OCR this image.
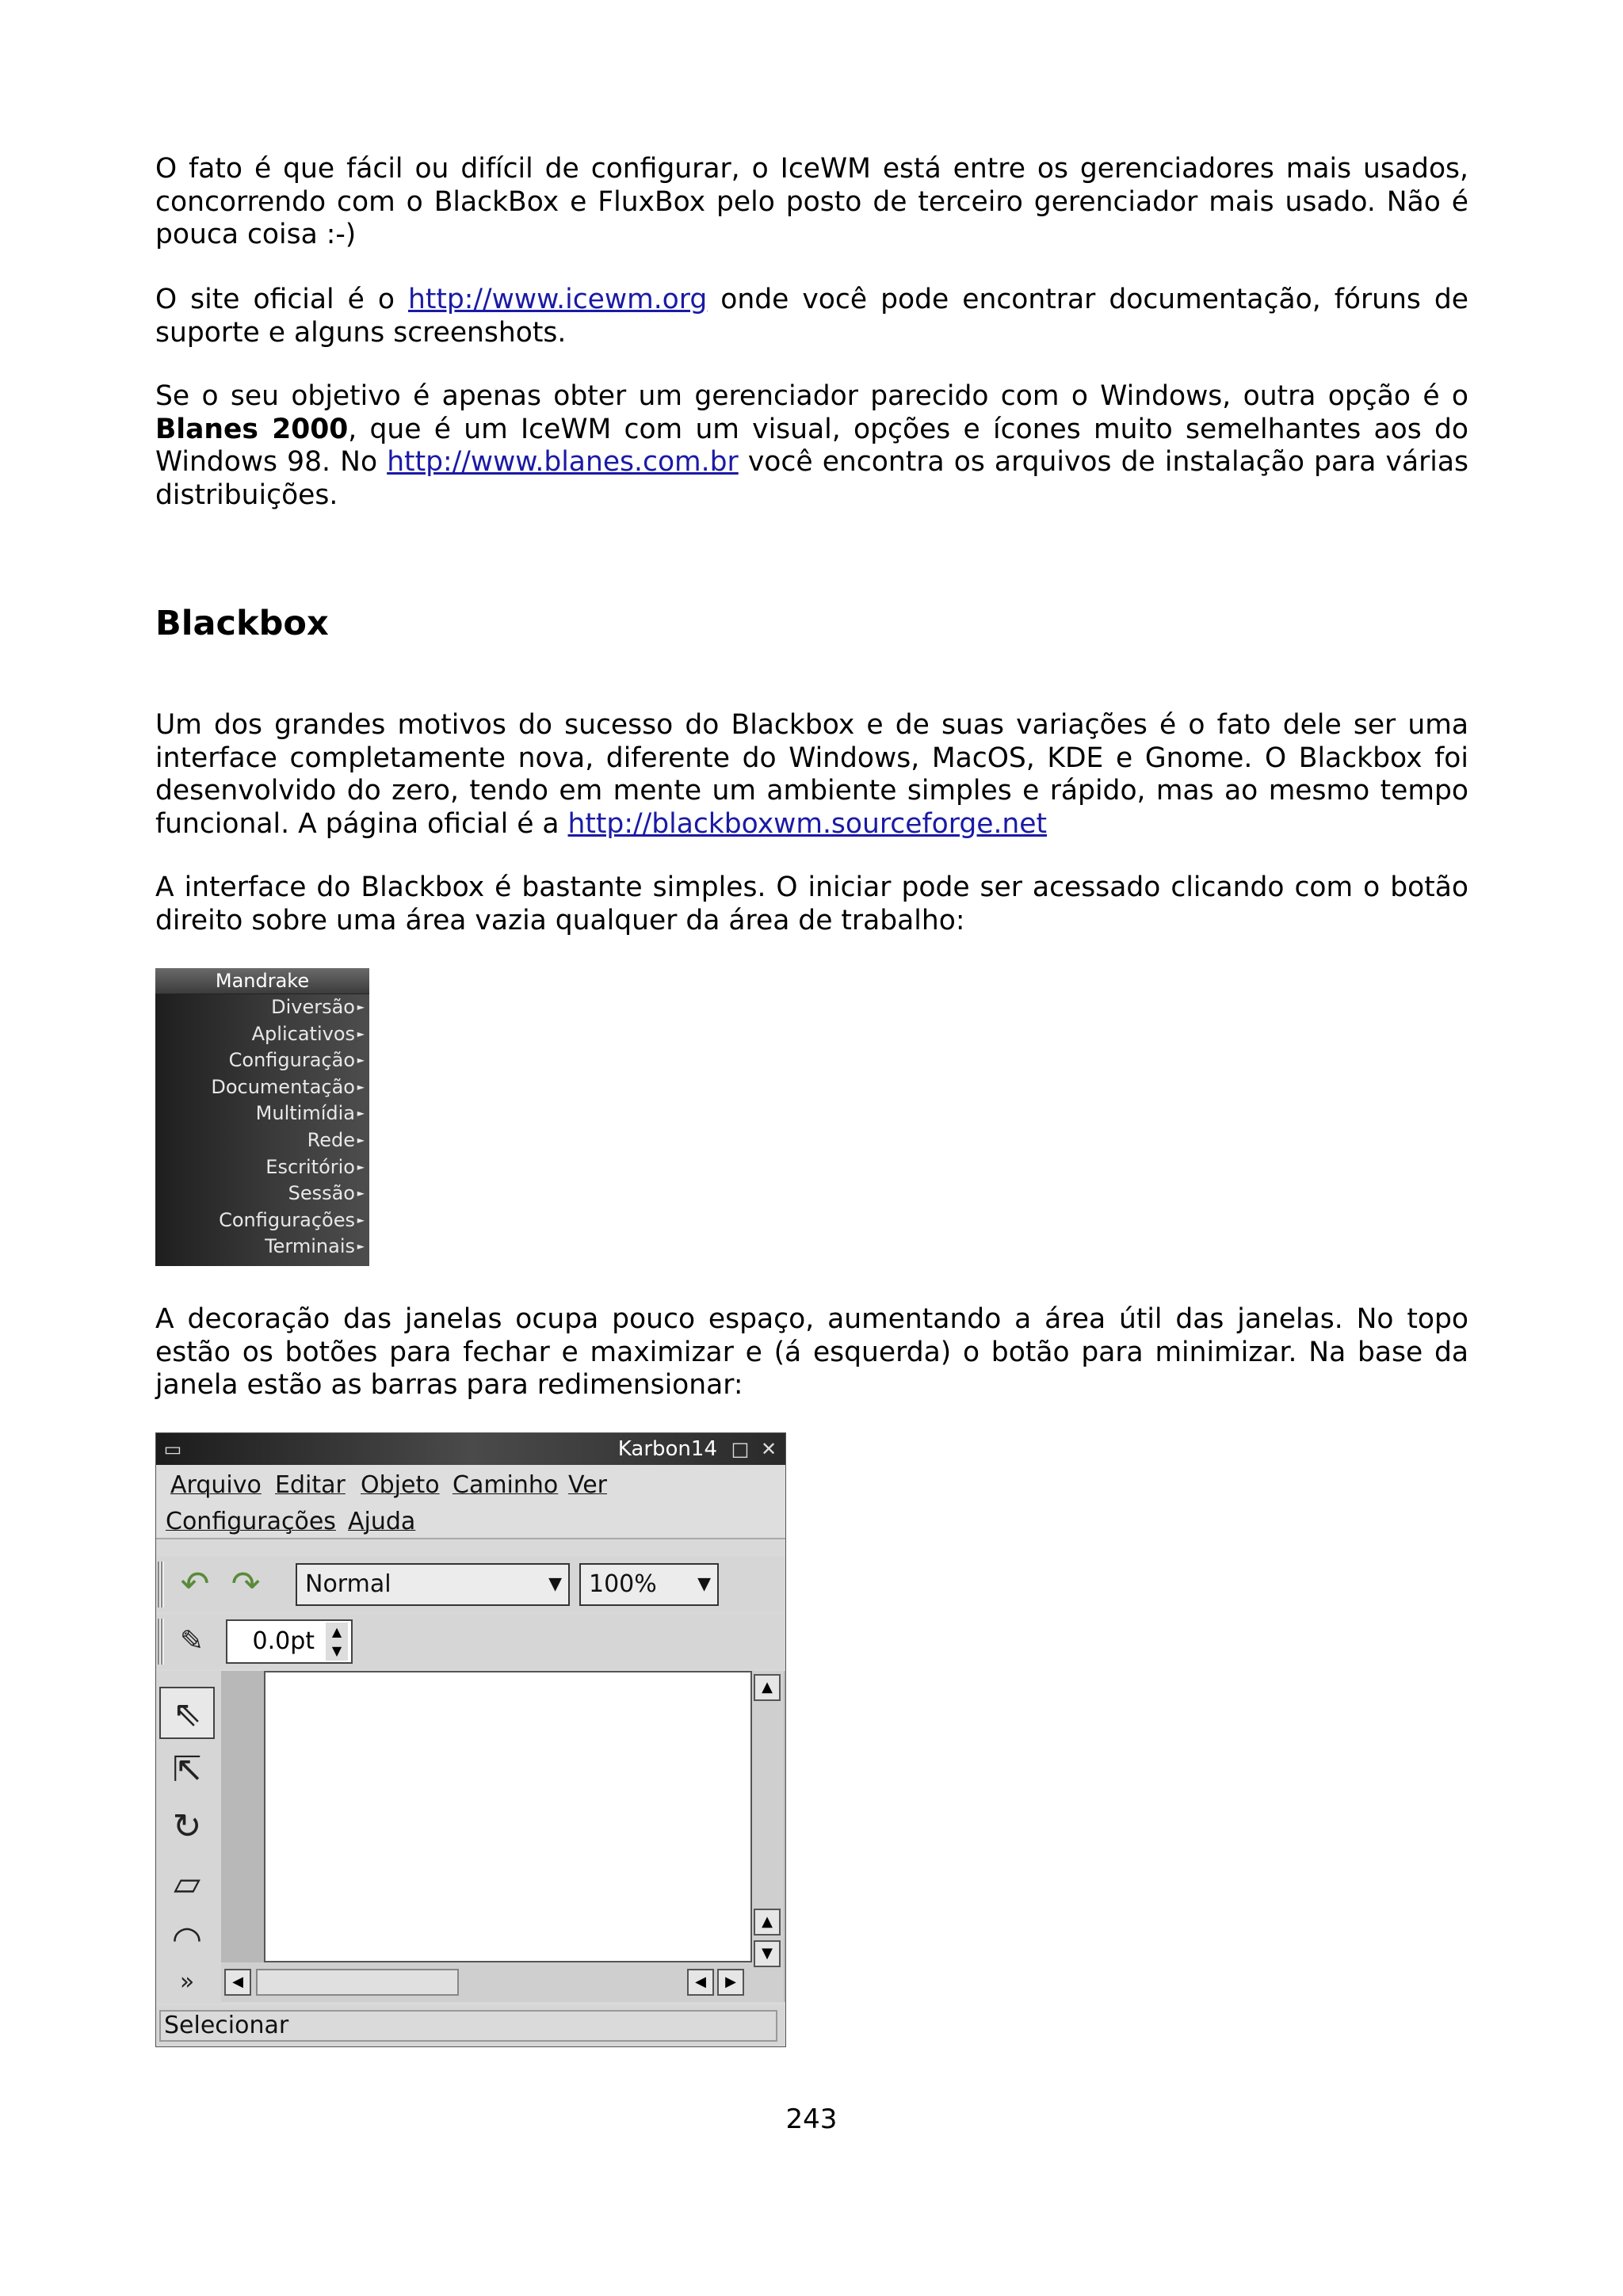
O fato é que fácil ou difícil de configurar, o IceWM está entre os gerenciadores mais usados, concorrendo com o BlackBox e FluxBox pelo posto de terceiro gerenciador mais usado. Não é pouca coisa :-)

O site oficial é o http://www.icewm.org onde você pode encontrar documentação, fóruns de suporte e alguns screenshots.

Se o seu objetivo é apenas obter um gerenciador parecido com o Windows, outra opção é o Blanes 2000, que é um IceWM com um visual, opções e ícones muito semelhantes aos do Windows 98. No http://www.blanes.com.br você encontra os arquivos de instalação para várias distribuições.

Blackbox

Um dos grandes motivos do sucesso do Blackbox e de suas variações é o fato dele ser uma interface completamente nova, diferente do Windows, MacOS, KDE e Gnome. O Blackbox foi desenvolvido do zero, tendo em mente um ambiente simples e rápido, mas ao mesmo tempo funcional. A página oficial é a http://blackboxwm.sourceforge.net

A interface do Blackbox é bastante simples. O iniciar pode ser acessado clicando com o botão direito sobre uma área vazia qualquer da área de trabalho:

Mandrake
Diversão ►
Aplicativos ►
Configuração ►
Documentação ►
Multimídia ►
Rede ►
Escritório ►
Sessão ►
Configurações ►
Terminais ►

A decoração das janelas ocupa pouco espaço, aumentando a área útil das janelas. No topo estão os botões para fechar e maximizar e (á esquerda) o botão para minimizar. Na base da janela estão as barras para redimensionar:

▭	Karbon14 □ ✕
Arquivo Editar Objeto Caminho Ver
Configurações Ajuda
↶ ↷	Normal	▼	100% ▼
✎	0.0pt	▲
▼
⇖
⇱
↻
▱
◠
»
▲
▲
▼
◀	◀	▶
Selecionar
243
